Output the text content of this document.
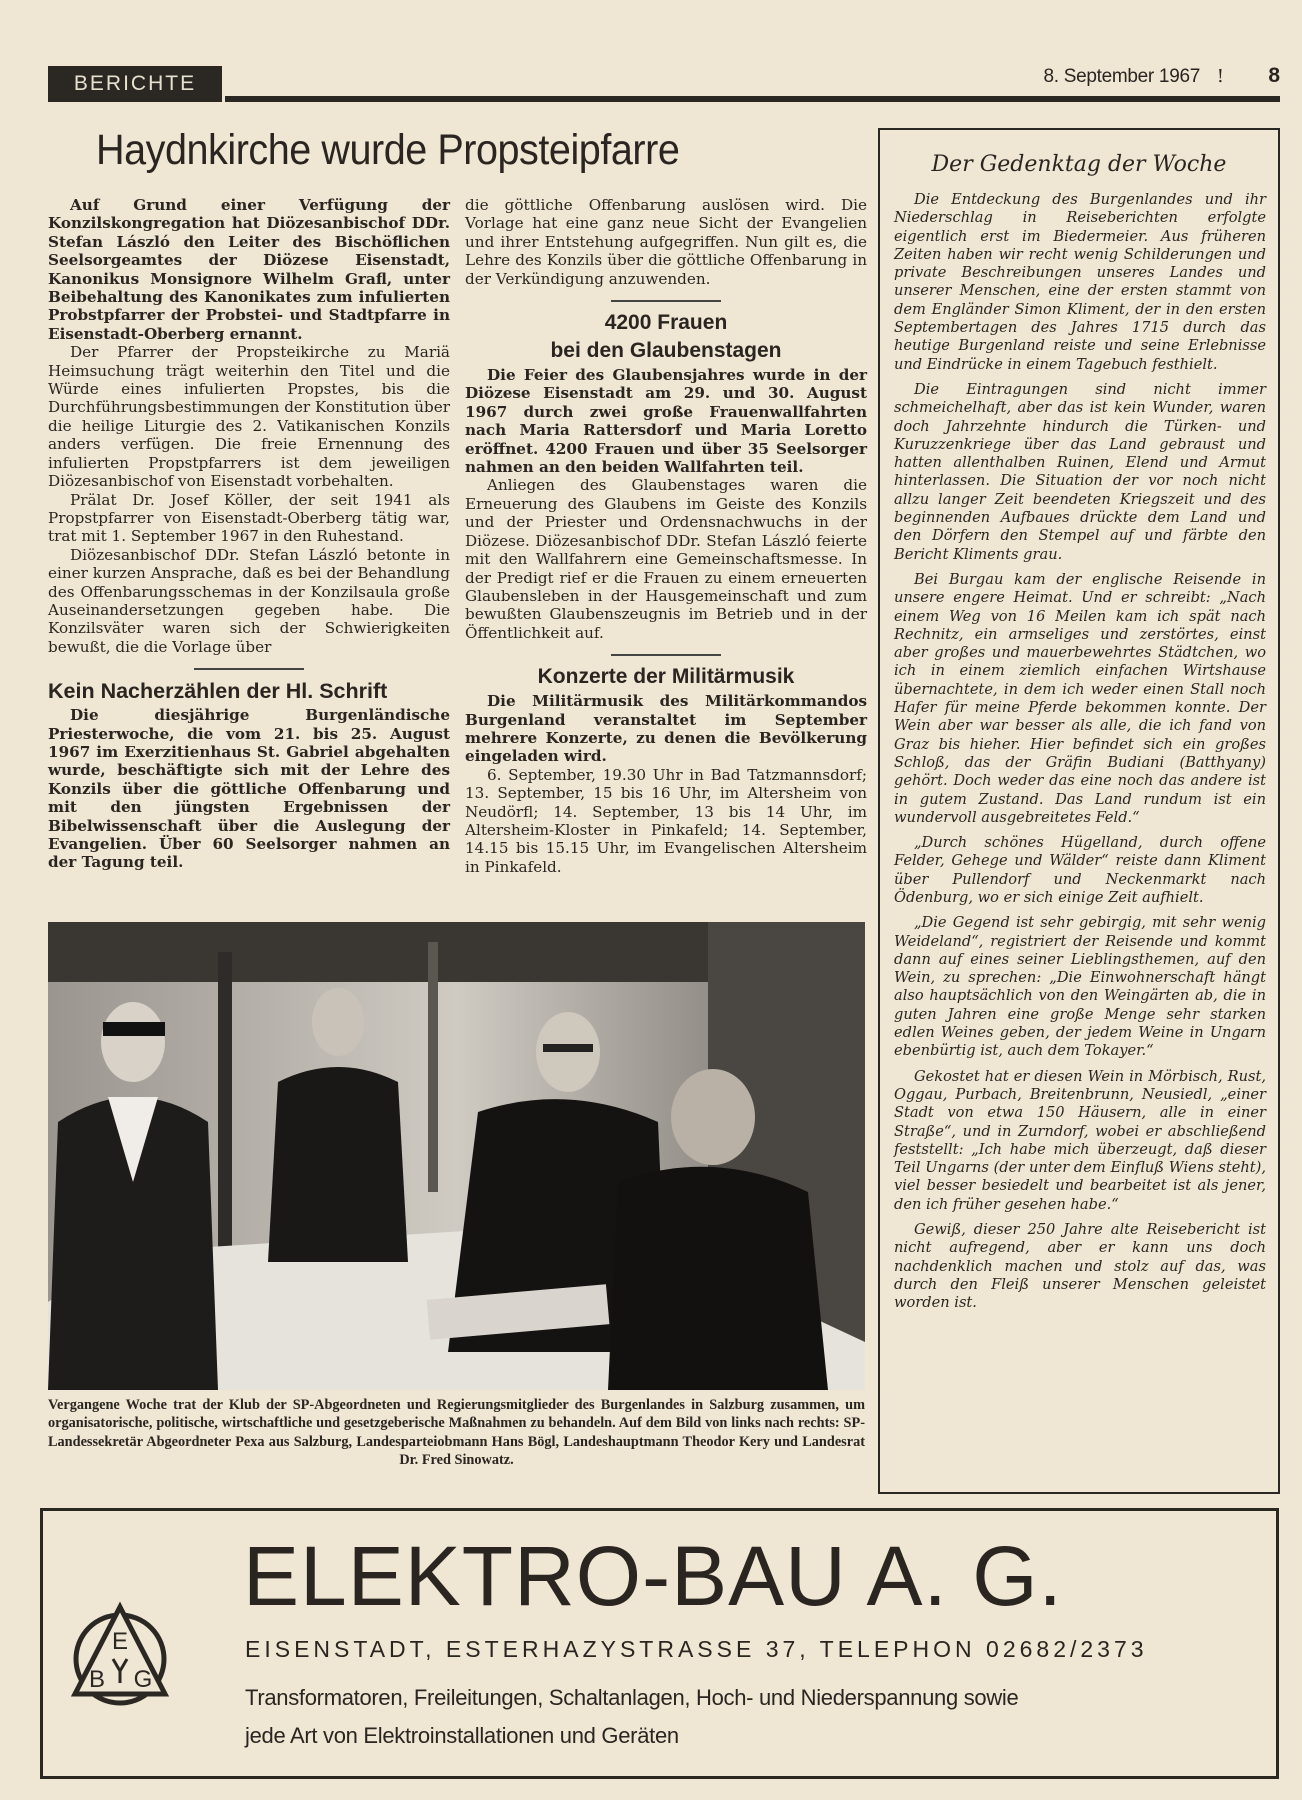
BERICHTE	8. September 1967 ! 8
Haydnkirche wurde Propsteipfarre

Auf Grund einer Verfügung der Konzilskongregation hat Diözesanbischof DDr. Stefan László den Leiter des Bischöflichen Seelsorgeamtes der Diözese Eisenstadt, Kanonikus Monsignore Wilhelm Grafl, unter Beibehaltung des Kanonikates zum infulierten Probstpfarrer der Probstei- und Stadtpfarre in Eisenstadt-Oberberg ernannt.

Der Pfarrer der Propsteikirche zu Mariä Heimsuchung trägt weiterhin den Titel und die Würde eines infulierten Propstes, bis die Durchführungsbestimmungen der Konstitution über die heilige Liturgie des 2. Vatikanischen Konzils anders verfügen. Die freie Ernennung des infulierten Propstpfarrers ist dem jeweiligen Diözesanbischof von Eisenstadt vorbehalten.

Prälat Dr. Josef Köller, der seit 1941 als Propstpfarrer von Eisenstadt-Oberberg tätig war, trat mit 1. September 1967 in den Ruhestand.

Diözesanbischof DDr. Stefan László betonte in einer kurzen Ansprache, daß es bei der Behandlung des Offenbarungsschemas in der Konzilsaula große Auseinandersetzungen gegeben habe. Die Konzilsväter waren sich der Schwierigkeiten bewußt, die die Vorlage über

Kein Nacherzählen der Hl. Schrift

Die diesjährige Burgenländische Priesterwoche, die vom 21. bis 25. August 1967 im Exerzitienhaus St. Gabriel abgehalten wurde, beschäftigte sich mit der Lehre des Konzils über die göttliche Offenbarung und mit den jüngsten Ergebnissen der Bibelwissenschaft über die Auslegung der Evangelien. Über 60 Seelsorger nahmen an der Tagung teil.

die göttliche Offenbarung auslösen wird. Die Vorlage hat eine ganz neue Sicht der Evangelien und ihrer Entstehung aufgegriffen. Nun gilt es, die Lehre des Konzils über die göttliche Offenbarung in der Verkündigung anzuwenden.

4200 Frauen
bei den Glaubenstagen

Die Feier des Glaubensjahres wurde in der Diözese Eisenstadt am 29. und 30. August 1967 durch zwei große Frauenwallfahrten nach Maria Rattersdorf und Maria Loretto eröffnet. 4200 Frauen und über 35 Seelsorger nahmen an den beiden Wallfahrten teil.

Anliegen des Glaubenstages waren die Erneuerung des Glaubens im Geiste des Konzils und der Priester und Ordensnachwuchs in der Diözese. Diözesanbischof DDr. Stefan László feierte mit den Wallfahrern eine Gemeinschaftsmesse. In der Predigt rief er die Frauen zu einem erneuerten Glaubensleben in der Hausgemeinschaft und zum bewußten Glaubenszeugnis im Betrieb und in der Öffentlichkeit auf.

Konzerte der Militärmusik

Die Militärmusik des Militärkommandos Burgenland veranstaltet im September mehrere Konzerte, zu denen die Bevölkerung eingeladen wird.

6. September, 19.30 Uhr in Bad Tatzmannsdorf; 13. September, 15 bis 16 Uhr, im Altersheim von Neudörfl; 14. September, 13 bis 14 Uhr, im Altersheim-Kloster in Pinkafeld; 14. September, 14.15 bis 15.15 Uhr, im Evangelischen Altersheim in Pinkafeld.

Vergangene Woche trat der Klub der SP-Abgeordneten und Regierungsmitglieder des Burgenlandes in Salzburg zusammen, um organisatorische, politische, wirtschaftliche und gesetzgeberische Maßnahmen zu behandeln. Auf dem Bild von links nach rechts: SP-Landessekretär Abgeordneter Pexa aus Salzburg, Landesparteiobmann Hans Bögl, Landeshauptmann Theodor Kery und Landesrat Dr. Fred Sinowatz.
Der Gedenktag der Woche

Die Entdeckung des Burgenlandes und ihr Niederschlag in Reiseberichten erfolgte eigentlich erst im Biedermeier. Aus früheren Zeiten haben wir recht wenig Schilderungen und private Beschreibungen unseres Landes und unserer Menschen, eine der ersten stammt von dem Engländer Simon Kliment, der in den ersten Septembertagen des Jahres 1715 durch das heutige Burgenland reiste und seine Erlebnisse und Eindrücke in einem Tagebuch festhielt.

Die Eintragungen sind nicht immer schmeichelhaft, aber das ist kein Wunder, waren doch Jahrzehnte hindurch die Türken- und Kuruzzenkriege über das Land gebraust und hatten allenthalben Ruinen, Elend und Armut hinterlassen. Die Situation der vor noch nicht allzu langer Zeit beendeten Kriegszeit und des beginnenden Aufbaues drückte dem Land und den Dörfern den Stempel auf und färbte den Bericht Kliments grau.

Bei Burgau kam der englische Reisende in unsere engere Heimat. Und er schreibt: „Nach einem Weg von 16 Meilen kam ich spät nach Rechnitz, ein armseliges und zerstörtes, einst aber großes und mauerbewehrtes Städtchen, wo ich in einem ziemlich einfachen Wirtshause übernachtete, in dem ich weder einen Stall noch Hafer für meine Pferde bekommen konnte. Der Wein aber war besser als alle, die ich fand von Graz bis hieher. Hier befindet sich ein großes Schloß, das der Gräfin Budiani (Batthyany) gehört. Doch weder das eine noch das andere ist in gutem Zustand. Das Land rundum ist ein wundervoll ausgebreitetes Feld.“

„Durch schönes Hügelland, durch offene Felder, Gehege und Wälder“ reiste dann Kliment über Pullendorf und Neckenmarkt nach Ödenburg, wo er sich einige Zeit aufhielt.

„Die Gegend ist sehr gebirgig, mit sehr wenig Weideland“, registriert der Reisende und kommt dann auf eines seiner Lieblingsthemen, auf den Wein, zu sprechen: „Die Einwohnerschaft hängt also hauptsächlich von den Weingärten ab, die in guten Jahren eine große Menge sehr starken edlen Weines geben, der jedem Weine in Ungarn ebenbürtig ist, auch dem Tokayer.“

Gekostet hat er diesen Wein in Mörbisch, Rust, Oggau, Purbach, Breitenbrunn, Neusiedl, „einer Stadt von etwa 150 Häusern, alle in einer Straße“, und in Zurndorf, wobei er abschließend feststellt: „Ich habe mich überzeugt, daß dieser Teil Ungarns (der unter dem Einfluß Wiens steht), viel besser besiedelt und bearbeitet ist als jener, den ich früher gesehen habe.“

Gewiß, dieser 250 Jahre alte Reisebericht ist nicht aufregend, aber er kann uns doch nachdenklich machen und stolz auf das, was durch den Fleiß unserer Menschen geleistet worden ist.

E
B G
ELEKTRO-BAU A. G.
EISENSTADT, ESTERHAZYSTRASSE 37, TELEPHON 02682/2373
Transformatoren, Freileitungen, Schaltanlagen, Hoch- und Niederspannung sowie
jede Art von Elektroinstallationen und Geräten
